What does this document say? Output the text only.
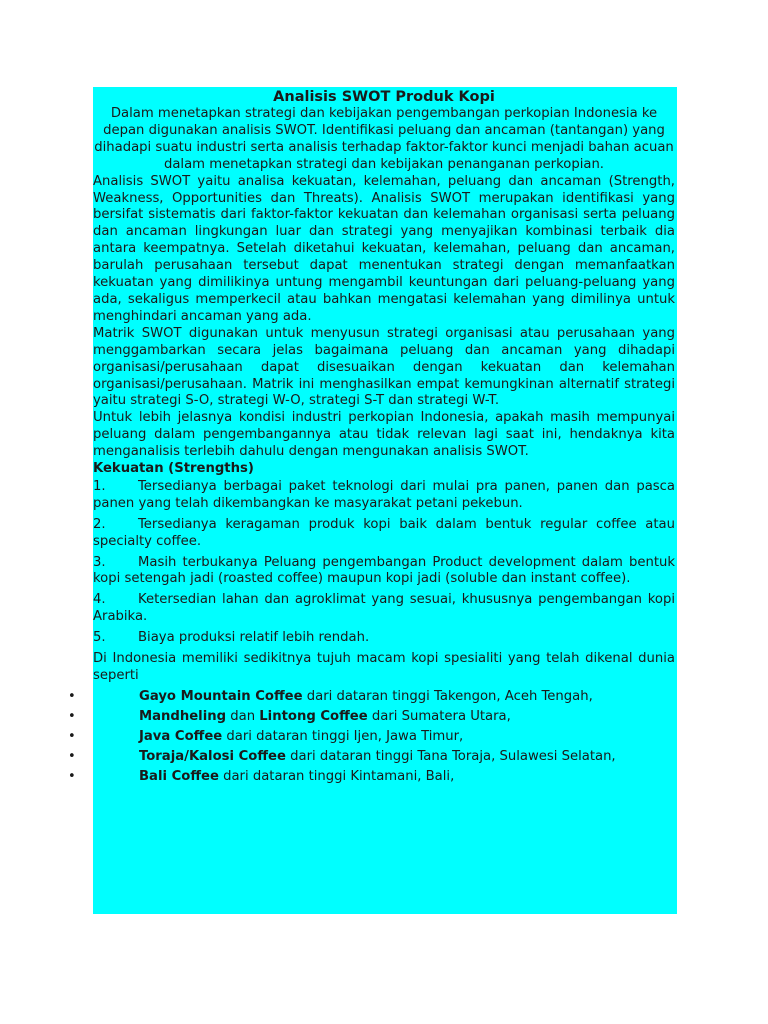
Analisis SWOT Produk Kopi
Dalam menetapkan strategi dan kebijakan pengembangan perkopian Indonesia ke depan digunakan analisis SWOT. Identifikasi peluang dan ancaman (tantangan) yang dihadapi suatu industri serta analisis terhadap faktor-faktor kunci menjadi bahan acuan dalam menetapkan strategi dan kebijakan penanganan perkopian.
Analisis SWOT yaitu analisa kekuatan, kelemahan, peluang dan ancaman (Strength, Weakness, Opportunities dan Threats). Analisis SWOT merupakan identifikasi yang bersifat sistematis dari faktor-faktor kekuatan dan kelemahan organisasi serta peluang dan ancaman lingkungan luar dan strategi yang menyajikan kombinasi terbaik dia antara keempatnya. Setelah diketahui kekuatan, kelemahan, peluang dan ancaman, barulah perusahaan tersebut dapat menentukan strategi dengan memanfaatkan kekuatan yang dimilikinya untung mengambil keuntungan dari peluang-peluang yang ada, sekaligus memperkecil atau bahkan mengatasi kelemahan yang dimilinya untuk menghindari ancaman yang ada.
Matrik SWOT digunakan untuk menyusun strategi organisasi atau perusahaan yang menggambarkan secara jelas bagaimana peluang dan ancaman yang dihadapi organisasi/perusahaan dapat disesuaikan dengan kekuatan dan kelemahan organisasi/perusahaan. Matrik ini menghasilkan empat kemungkinan alternatif strategi yaitu strategi S-O, strategi W-O, strategi S-T dan strategi W-T.
Untuk lebih jelasnya kondisi industri perkopian Indonesia, apakah masih mempunyai peluang dalam pengembangannya atau tidak relevan lagi saat ini, hendaknya kita menganalisis terlebih dahulu dengan mengunakan analisis SWOT.
Kekuatan (Strengths)
1. Tersedianya berbagai paket teknologi dari mulai pra panen, panen dan pasca panen yang telah dikembangkan ke masyarakat petani pekebun.
2. Tersedianya keragaman produk kopi baik dalam bentuk regular coffee atau specialty coffee.
3. Masih terbukanya Peluang pengembangan Product development dalam bentuk kopi setengah jadi (roasted coffee) maupun kopi jadi (soluble dan instant coffee).
4. Ketersedian lahan dan agroklimat yang sesuai, khususnya pengembangan kopi Arabika.
5. Biaya produksi relatif lebih rendah.
Di Indonesia memiliki sedikitnya tujuh macam kopi spesialiti yang telah dikenal dunia seperti
•	Gayo Mountain Coffee dari dataran tinggi Takengon, Aceh Tengah,
•	Mandheling dan Lintong Coffee dari Sumatera Utara,
•	Java Coffee dari dataran tinggi Ijen, Jawa Timur,
•	Toraja/Kalosi Coffee dari dataran tinggi Tana Toraja, Sulawesi Selatan,
•	Bali Coffee dari dataran tinggi Kintamani, Bali,
